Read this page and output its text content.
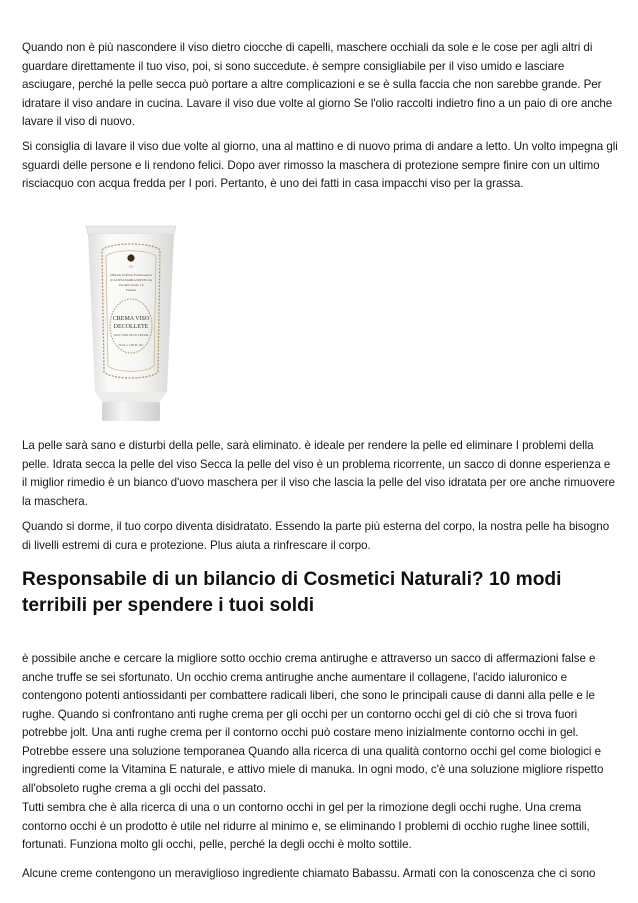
Quando non è più nascondere il viso dietro ciocche di capelli, maschere occhiali da sole e le cose per agli altri di guardare direttamente il tuo viso, poi, si sono succedute. è sempre consigliabile per il viso umido e lasciare asciugare, perché la pelle secca può portare a altre complicazioni e se è sulla faccia che non sarebbe grande. Per idratare il viso andare in cucina. Lavare il viso due volte al giorno Se l'olio raccolti indietro fino a un paio di ore anche lavare il viso di nuovo.

Si consiglia di lavare il viso due volte al giorno, una al mattino e di nuovo prima di andare a letto. Un volto impegna gli sguardi delle persone e li rendono felici. Dopo aver rimosso la maschera di protezione sempre finire con un ultimo risciacquo con acqua fredda per I pori. Pertanto, è uno dei fatti in casa impacchi viso per la grassa.

1221
Officina Profumo Farmaceutica
di SANTA MARIA NOVELLA
Via della Scala, 16
Firenze
CREMA VISO
DECOLLETE
FACE AND NECK CREAM
50 ml ℮ 1.69 FL.OZ.

La pelle sarà sano e disturbi della pelle, sarà eliminato. è ideale per rendere la pelle ed eliminare I problemi della pelle. Idrata secca la pelle del viso Secca la pelle del viso è un problema ricorrente, un sacco di donne esperienza e il miglior rimedio è un bianco d'uovo maschera per il viso che lascia la pelle del viso idratata per ore anche rimuovere la maschera.

Quando si dorme, il tuo corpo diventa disidratato. Essendo la parte più esterna del corpo, la nostra pelle ha bisogno di livelli estremi di cura e protezione. Plus aiuta a rinfrescare il corpo.

Responsabile di un bilancio di Cosmetici Naturali? 10 modi terribili per spendere i tuoi soldi

è possibile anche e cercare la migliore sotto occhio crema antirughe e attraverso un sacco di affermazioni false e anche truffe se sei sfortunato. Un occhio crema antirughe anche aumentare il collagene, l'acido ialuronico e contengono potenti antiossidanti per combattere radicali liberi, che sono le principali cause di danni alla pelle e le rughe. Quando si confrontano anti rughe crema per gli occhi per un contorno occhi gel di ciò che si trova fuori potrebbe jolt. Una anti rughe crema per il contorno occhi può costare meno inizialmente contorno occhi in gel. Potrebbe essere una soluzione temporanea Quando alla ricerca di una qualità contorno occhi gel come biologici e ingredienti come la Vitamina E naturale, e attivo miele di manuka. In ogni modo, c'è una soluzione migliore rispetto all'obsoleto rughe crema a gli occhi del passato.

Tutti sembra che è alla ricerca di una o un contorno occhi in gel per la rimozione degli occhi rughe. Una crema contorno occhi è un prodotto è utile nel ridurre al minimo e, se eliminando I problemi di occhio rughe linee sottili, fortunati. Funziona molto gli occhi, pelle, perché la degli occhi è molto sottile.

Alcune creme contengono un meraviglioso ingrediente chiamato Babassu. Armati con la conoscenza che ci sono
